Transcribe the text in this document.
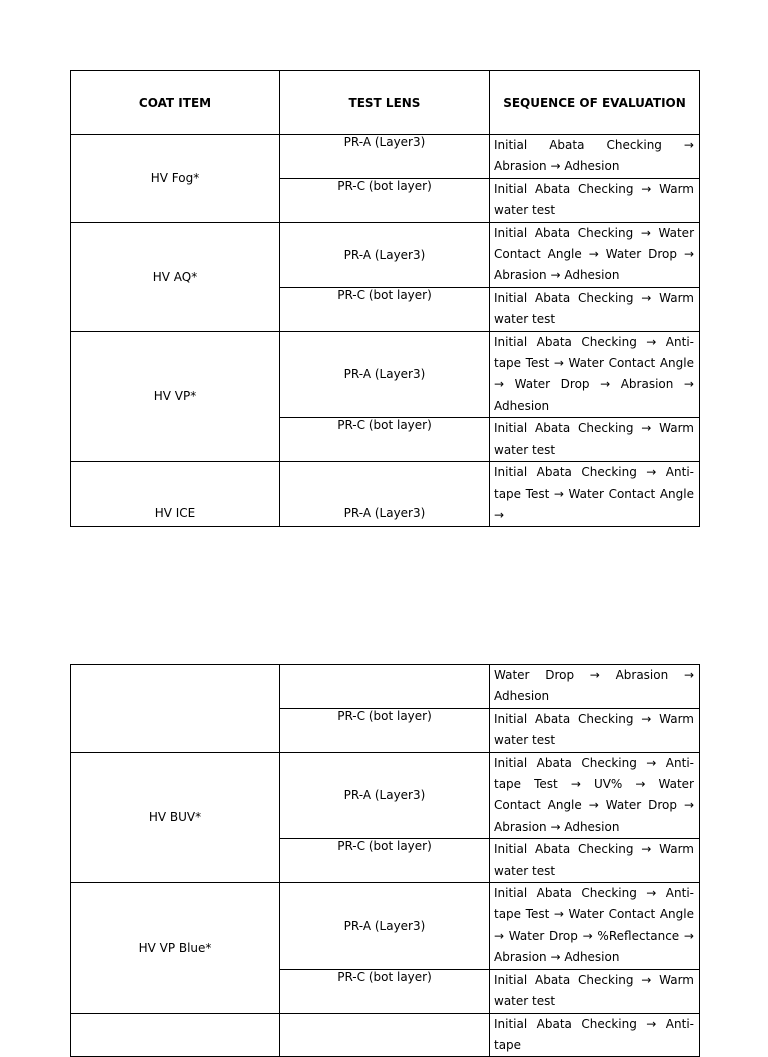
COAT ITEM	TEST LENS	SEQUENCE OF EVALUATION
HV Fog*	PR-A (Layer3)	Initial Abata Checking → Abrasion → Adhesion
	PR-C (bot layer)	Initial Abata Checking → Warm water test
HV AQ*	PR-A (Layer3)	Initial Abata Checking → Water Contact Angle → Water Drop → Abrasion → Adhesion
	PR-C (bot layer)	Initial Abata Checking → Warm water test
HV VP*	PR-A (Layer3)	Initial Abata Checking → Anti-tape Test → Water Contact Angle → Water Drop → Abrasion → Adhesion
	PR-C (bot layer)	Initial Abata Checking → Warm water test
HV ICE	PR-A (Layer3)	Initial Abata Checking → Anti-tape Test → Water Contact Angle →
		Water Drop → Abrasion → Adhesion
	PR-C (bot layer)	Initial Abata Checking → Warm water test
HV BUV*	PR-A (Layer3)	Initial Abata Checking → Anti-tape Test → UV% → Water Contact Angle → Water Drop → Abrasion → Adhesion
	PR-C (bot layer)	Initial Abata Checking → Warm water test
HV VP Blue*	PR-A (Layer3)	Initial Abata Checking → Anti-tape Test → Water Contact Angle → Water Drop → %Reflectance → Abrasion → Adhesion
	PR-C (bot layer)	Initial Abata Checking → Warm water test
		Initial Abata Checking → Anti-tape
